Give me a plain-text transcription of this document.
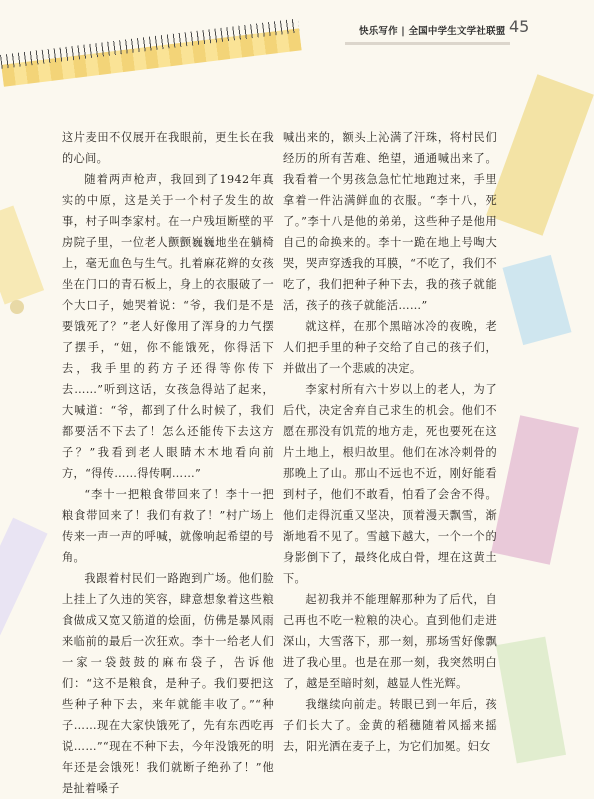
快乐写作 | 全国中学生文学社联盟 45

这片麦田不仅展开在我眼前，更生长在我的心间。

随着两声枪声，我回到了1942年真实的中原，这是关于一个村子发生的故事，村子叫李家村。在一户残垣断壁的平房院子里，一位老人颤颤巍巍地坐在躺椅上，毫无血色与生气。扎着麻花辫的女孩坐在门口的青石板上，身上的衣服破了一个大口子，她哭着说：“爷，我们是不是要饿死了？”老人好像用了浑身的力气摆了摆手，“妞，你不能饿死，你得活下去，我手里的药方子还得等你传下去……”听到这话，女孩急得站了起来，大喊道：“爷，都到了什么时候了，我们都要活不下去了！怎么还能传下去这方子？”我看到老人眼睛木木地看向前方，“得传……得传啊……”

“李十一把粮食带回来了！李十一把粮食带回来了！我们有救了！”村广场上传来一声一声的呼喊，就像响起希望的号角。

我跟着村民们一路跑到广场。他们脸上挂上了久违的笑容，肆意想象着这些粮食做成又宽又筋道的烩面，仿佛是暴风雨来临前的最后一次狂欢。李十一给老人们一家一袋鼓鼓的麻布袋子，告诉他们：“这不是粮食，是种子。我们要把这些种子种下去，来年就能丰收了。”“种子……现在大家快饿死了，先有东西吃再说……”“现在不种下去，今年没饿死的明年还是会饿死！我们就断子绝孙了！”他是扯着嗓子

喊出来的，额头上沁满了汗珠，将村民们经历的所有苦难、绝望，通通喊出来了。我看着一个男孩急急忙忙地跑过来，手里拿着一件沾满鲜血的衣服。“李十八，死了。”李十八是他的弟弟，这些种子是他用自己的命换来的。李十一跪在地上号啕大哭，哭声穿透我的耳膜，“不吃了，我们不吃了，我们把种子种下去，我的孩子就能活，孩子的孩子就能活……”

就这样，在那个黑暗冰冷的夜晚，老人们把手里的种子交给了自己的孩子们，并做出了一个悲戚的决定。

李家村所有六十岁以上的老人，为了后代，决定舍弃自己求生的机会。他们不愿在那没有饥荒的地方走，死也要死在这片土地上，根归故里。他们在冰冷刺骨的那晚上了山。那山不远也不近，刚好能看到村子，他们不敢看，怕看了会舍不得。他们走得沉重又坚决，顶着漫天飘雪，渐渐地看不见了。雪越下越大，一个一个的身影倒下了，最终化成白骨，埋在这黄土下。

起初我并不能理解那种为了后代，自己再也不吃一粒粮的决心。直到他们走进深山，大雪落下，那一刻，那场雪好像飘进了我心里。也是在那一刻，我突然明白了，越是至暗时刻，越显人性光辉。

我继续向前走。转眼已到一年后，孩子们长大了。金黄的稻穗随着风摇来摇去，阳光洒在麦子上，为它们加冕。妇女
